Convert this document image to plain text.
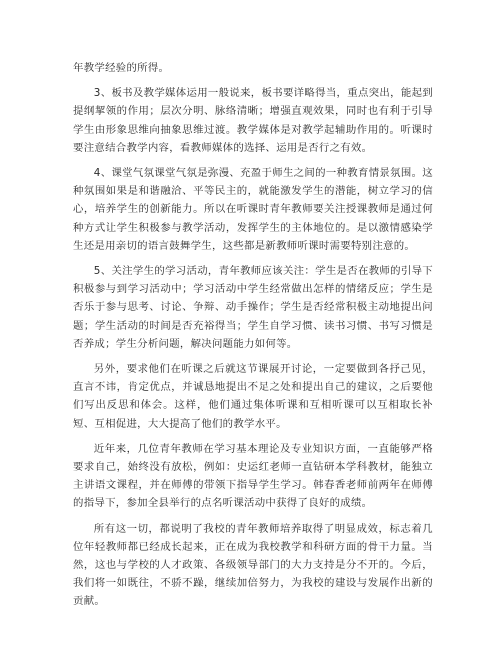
年教学经验的所得。

3、板书及教学媒体运用一般说来，板书要详略得当，重点突出，能起到提纲挈领的作用；层次分明、脉络清晰；增强直观效果，同时也有利于引导学生由形象思维向抽象思维过渡。教学媒体是对教学起辅助作用的。听课时要注意结合教学内容，看教师媒体的选择、运用是否行之有效。

4、课堂气氛课堂气氛是弥漫、充盈于师生之间的一种教育情景氛围。这种氛围如果是和谐融洽、平等民主的，就能激发学生的潜能，树立学习的信心，培养学生的创新能力。所以在听课时青年教师要关注授课教师是通过何种方式让学生积极参与教学活动，发挥学生的主体地位的。是以激情感染学生还是用亲切的语言鼓舞学生，这些都是新教师听课时需要特别注意的。

5、关注学生的学习活动，青年教师应该关注：学生是否在教师的引导下积极参与到学习活动中；学习活动中学生经常做出怎样的情绪反应；学生是否乐于参与思考、讨论、争辩、动手操作；学生是否经常积极主动地提出问题；学生活动的时间是否充裕得当；学生自学习惯、读书习惯、书写习惯是否养成；学生分析问题，解决问题能力如何等。

另外，要求他们在听课之后就这节课展开讨论，一定要做到各抒己见，直言不讳，肯定优点，并诚恳地提出不足之处和提出自己的建议，之后要他们写出反思和体会。这样，他们通过集体听课和互相听课可以互相取长补短、互相促进，大大提高了他们的教学水平。

近年来，几位青年教师在学习基本理论及专业知识方面，一直能够严格要求自己，始终没有放松，例如：史运红老师一直钻研本学科教材，能独立主讲语文课程，并在师傅的带领下指导学生学习。韩春香老师前两年在师傅的指导下，参加全县举行的点名听课活动中获得了良好的成绩。

所有这一切，都说明了我校的青年教师培养取得了明显成效，标志着几位年轻教师都已经成长起来，正在成为我校教学和科研方面的骨干力量。当然，这也与学校的人才政策、各级领导部门的大力支持是分不开的。今后，我们将一如既往，不骄不躁，继续加倍努力，为我校的建设与发展作出新的贡献。
